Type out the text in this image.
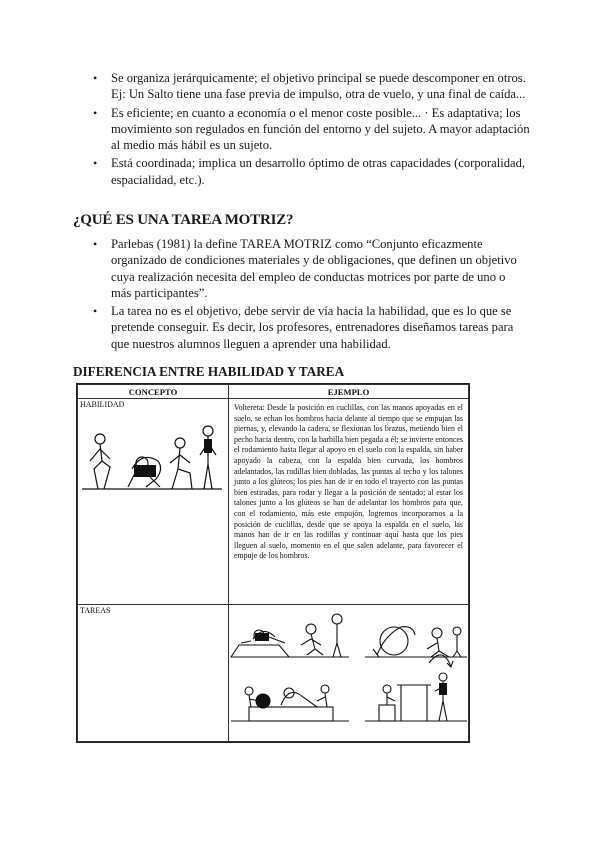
• Se organiza jerárquicamente; el objetivo principal se puede descomponer en otros. Ej: Un Salto tiene una fase previa de impulso, otra de vuelo, y una final de caída...
• Es eficiente; en cuanto a economía o el menor coste posible... · Es adaptativa; los movimiento son regulados en función del entorno y del sujeto. A mayor adaptación al medio más hábil es un sujeto.
• Está coordinada; implica un desarrollo óptimo de otras capacidades (corporalidad, espacialidad, etc.).
¿QUÉ ES UNA TAREA MOTRIZ?
• Parlebas (1981) la define TAREA MOTRIZ como “Conjunto eficazmente organizado de condiciones materiales y de obligaciones, que definen un objetivo cuya realización necesita del empleo de conductas motrices por parte de uno o más participantes”.
• La tarea no es el objetivo, debe servir de vía hacia la habilidad, que es lo que se pretende conseguir. Es decir, los profesores, entrenadores diseñamos tareas para que nuestros alumnos lleguen a aprender una habilidad.
DIFERENCIA ENTRE HABILIDAD Y TAREA
CONCEPTO	EJEMPLO

HABILIDAD	Voltereta: Desde la posición en cuclillas, con las manos apoyadas en el suelo, se echan los hombros hacia delante al tiempo que se empujan las piernas, y, elevando la cadera, se flexionan los brazos, metiendo bien el pecho hacia dentro, con la barbilla bien pegada a él; se invierte entonces el rodamiento hasta llegar al apoyo en el suelo con la espalda, sin haber apoyado la cabeza, con la espalda bien curvada, los hombros adelantados, las rodillas bien dobladas, las puntas al techo y los talones junto a los glúteos; los pies han de ir en todo el trayecto con las puntas bien estiradas, para rodar y llegar a la posición de sentado; al estar los talones junto a los glúteos se han de adelantar los hombros para que, con el rodamiento, más este empujón, logremos incorporarnos a la posición de cuclillas, desde que se apoya la espalda en el suelo, las manos han de ir en las rodillas y continuar aquí hasta que los pies lleguen al suelo, momento en el que salen adelante, para favorecer el empuje de los hombros.

TAREAS
